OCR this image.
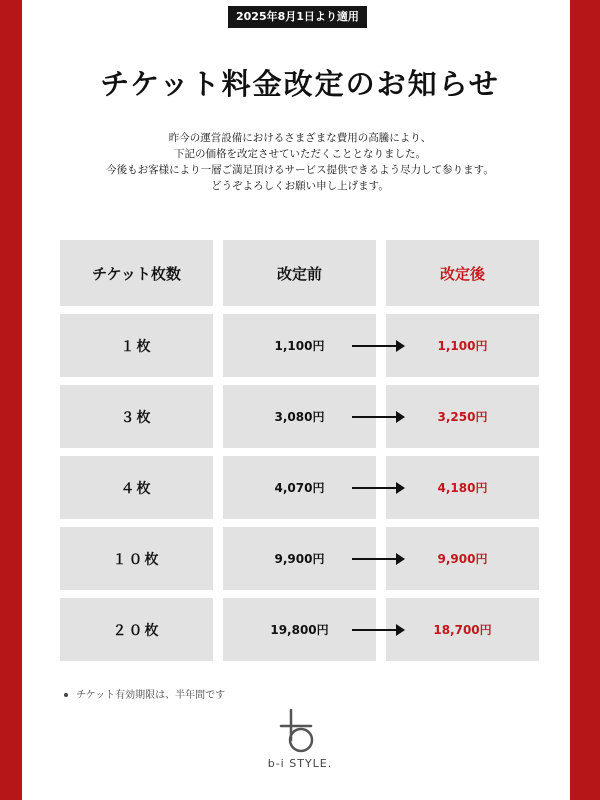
2025年8月1日より適用
チケット料金改定のお知らせ
昨今の運営設備におけるさまざまな費用の高騰により、
下記の価格を改定させていただくこととなりました。
今後もお客様により一層ご満足頂けるサービス提供できるよう尽力して参ります。
どうぞよろしくお願い申し上げます。
チケット枚数	改定前	改定後
１枚	1,100円	1,100円
３枚	3,080円	3,250円
４枚	4,070円	4,180円
１０枚	9,900円	9,900円
２０枚	19,800円	18,700円
チケット有効期限は、半年間です
b-i STYLE.
